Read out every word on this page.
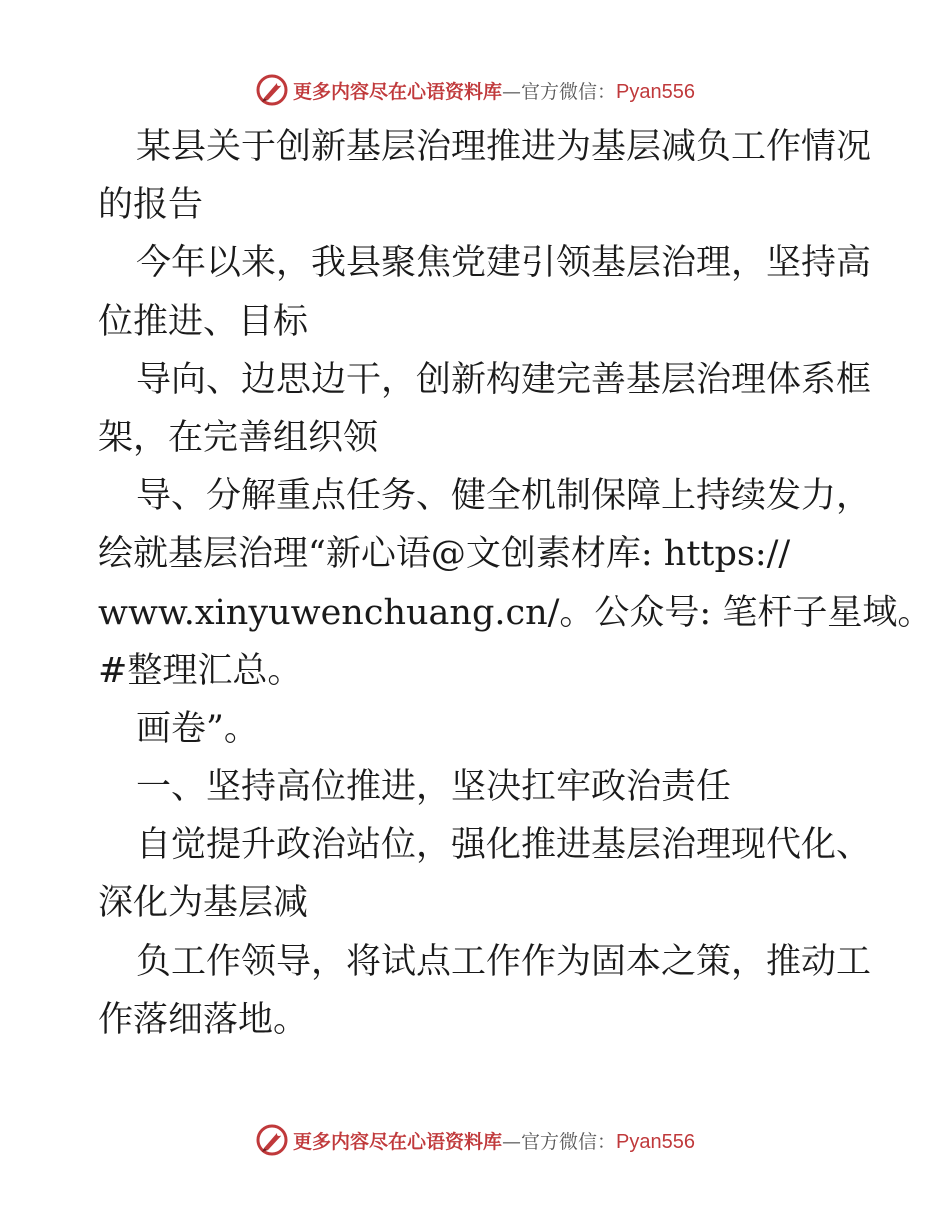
更多内容尽在心语资料库—官方微信：Pyan556

某县关于创新基层治理推进为基层减负工作情况

的报告

今年以来，我县聚焦党建引领基层治理，坚持高

位推进、目标

导向、边思边干，创新构建完善基层治理体系框

架，在完善组织领

导、分解重点任务、健全机制保障上持续发力，

绘就基层治理“新心语@文创素材库: https://

www.xinyuwenchuang.cn/。公众号: 笔杆子星域。

#整理汇总。

画卷”。

一、坚持高位推进，坚决扛牢政治责任

自觉提升政治站位，强化推进基层治理现代化、

深化为基层减

负工作领导，将试点工作作为固本之策，推动工

作落细落地。

更多内容尽在心语资料库—官方微信：Pyan556
